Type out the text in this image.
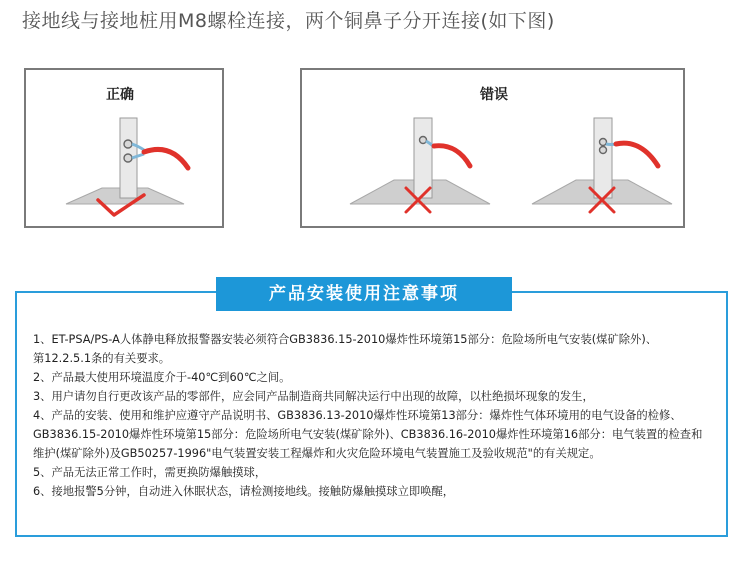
接地线与接地桩用M8螺栓连接，两个铜鼻子分开连接(如下图)
正确	错误
产品安装使用注意事项
1、ET-PSA/PS-A人体静电释放报警器安装必须符合GB3836.15-2010爆炸性环境第15部分：危险场所电气安装(煤矿除外)、
第12.2.5.1条的有关要求。
2、产品最大使用环境温度介于-40℃到60℃之间。
3、用户请勿自行更改该产品的零部件，应会同产品制造商共同解决运行中出现的故障，以杜绝损坏现象的发生，
4、产品的安装、使用和维护应遵守产品说明书、GB3836.13-2010爆炸性环境第13部分：爆炸性气体环境用的电气设备的检修、
GB3836.15-2010爆炸性环境第15部分：危险场所电气安装(煤矿除外)、CB3836.16-2010爆炸性环境第16部分：电气装置的检查和
维护(煤矿除外)及GB50257-1996"电气装置安装工程爆炸和火灾危险环境电气装置施工及验收规范"的有关规定。
5、产品无法正常工作时，需更换防爆触摸球，
6、接地报警5分钟，自动进入休眠状态，请检测接地线。接触防爆触摸球立即唤醒，
